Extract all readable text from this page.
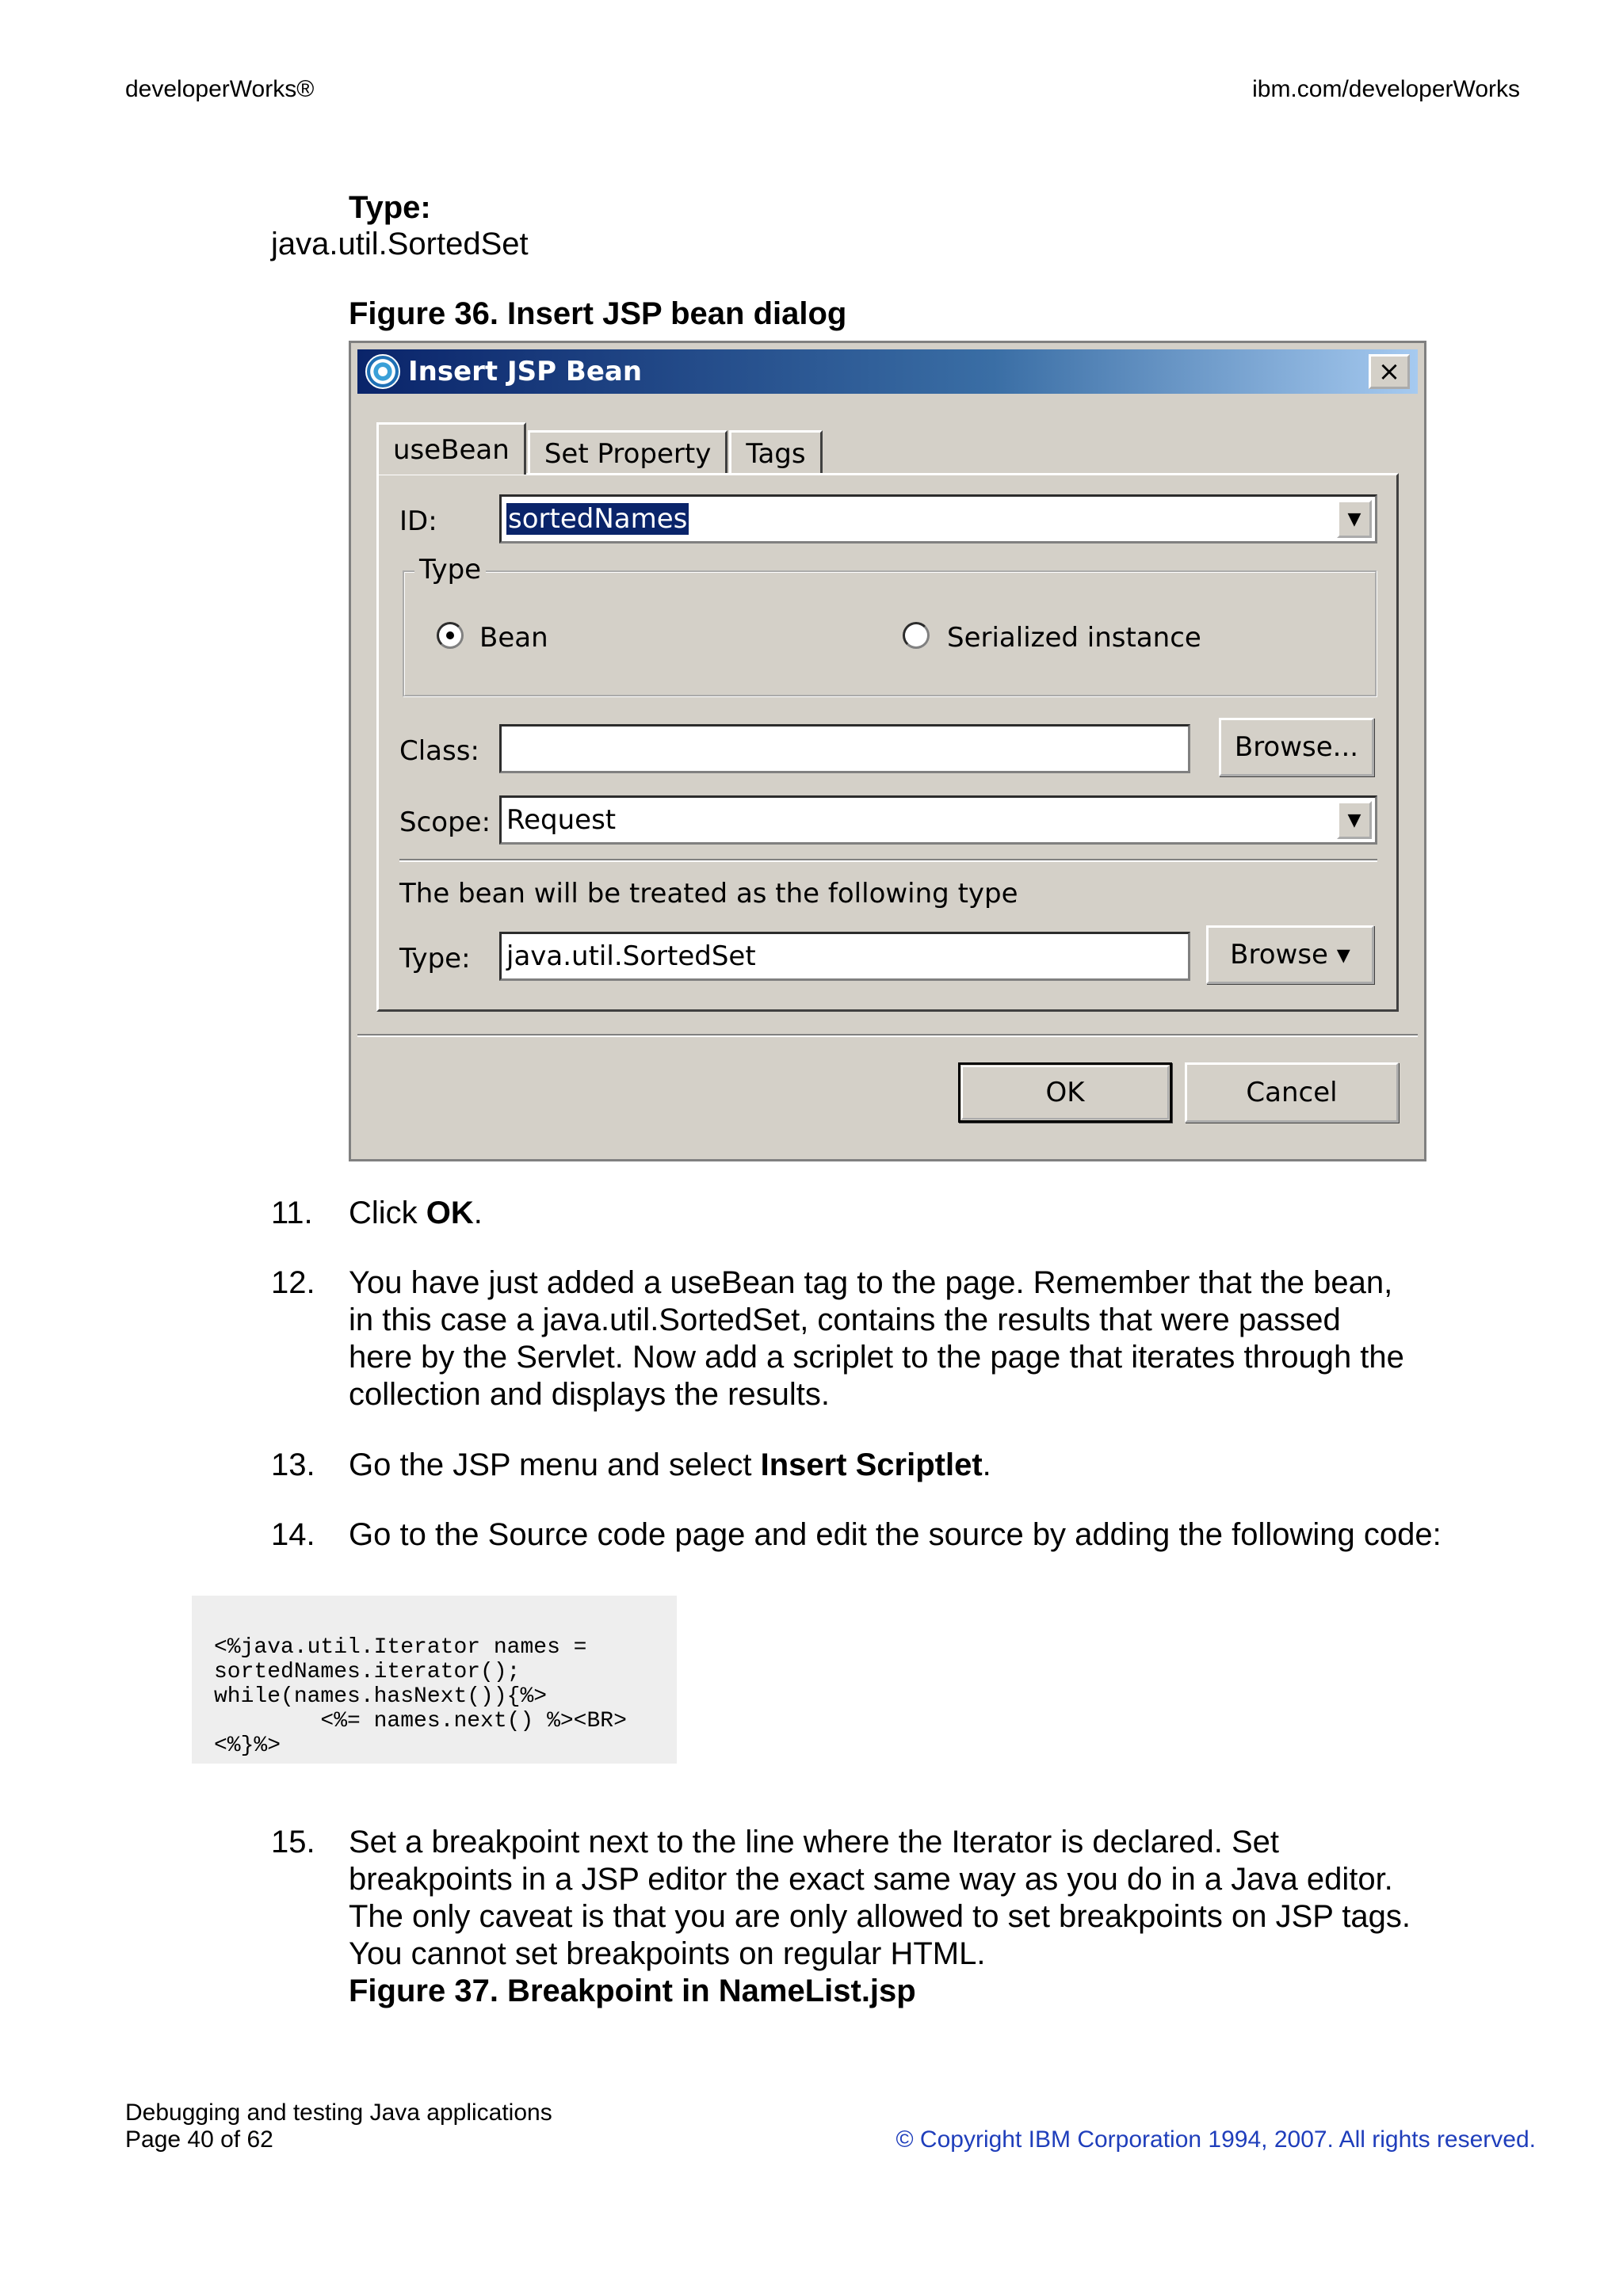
developerWorks®	ibm.com/developerWorks
Type:
java.util.SortedSet
Figure 36. Insert JSP bean dialog
Insert JSP Bean	×
useBean	Set Property	Tags
ID:	sortedNames	▼
Type
Bean	Serialized instance
Class:	Browse...
Scope: Request	▼
The bean will be treated as the following type
Type: java.util.SortedSet	Browse ▾
OK	Cancel
11.	Click OK.
12.	You have just added a useBean tag to the page. Remember that the bean, in this case a java.util.SortedSet, contains the results that were passed here by the Servlet. Now add a scriplet to the page that iterates through the collection and displays the results.
13.	Go the JSP menu and select Insert Scriptlet.
14.	Go to the Source code page and edit the source by adding the following code:
<%java.util.Iterator names =
sortedNames.iterator();
while(names.hasNext()){%>
<%= names.next() %><BR>
<%}%>
15.	Set a breakpoint next to the line where the Iterator is declared. Set breakpoints in a JSP editor the exact same way as you do in a Java editor. The only caveat is that you are only allowed to set breakpoints on JSP tags. You cannot set breakpoints on regular HTML.
Figure 37. Breakpoint in NameList.jsp
Debugging and testing Java applications
Page 40 of 62	© Copyright IBM Corporation 1994, 2007. All rights reserved.
